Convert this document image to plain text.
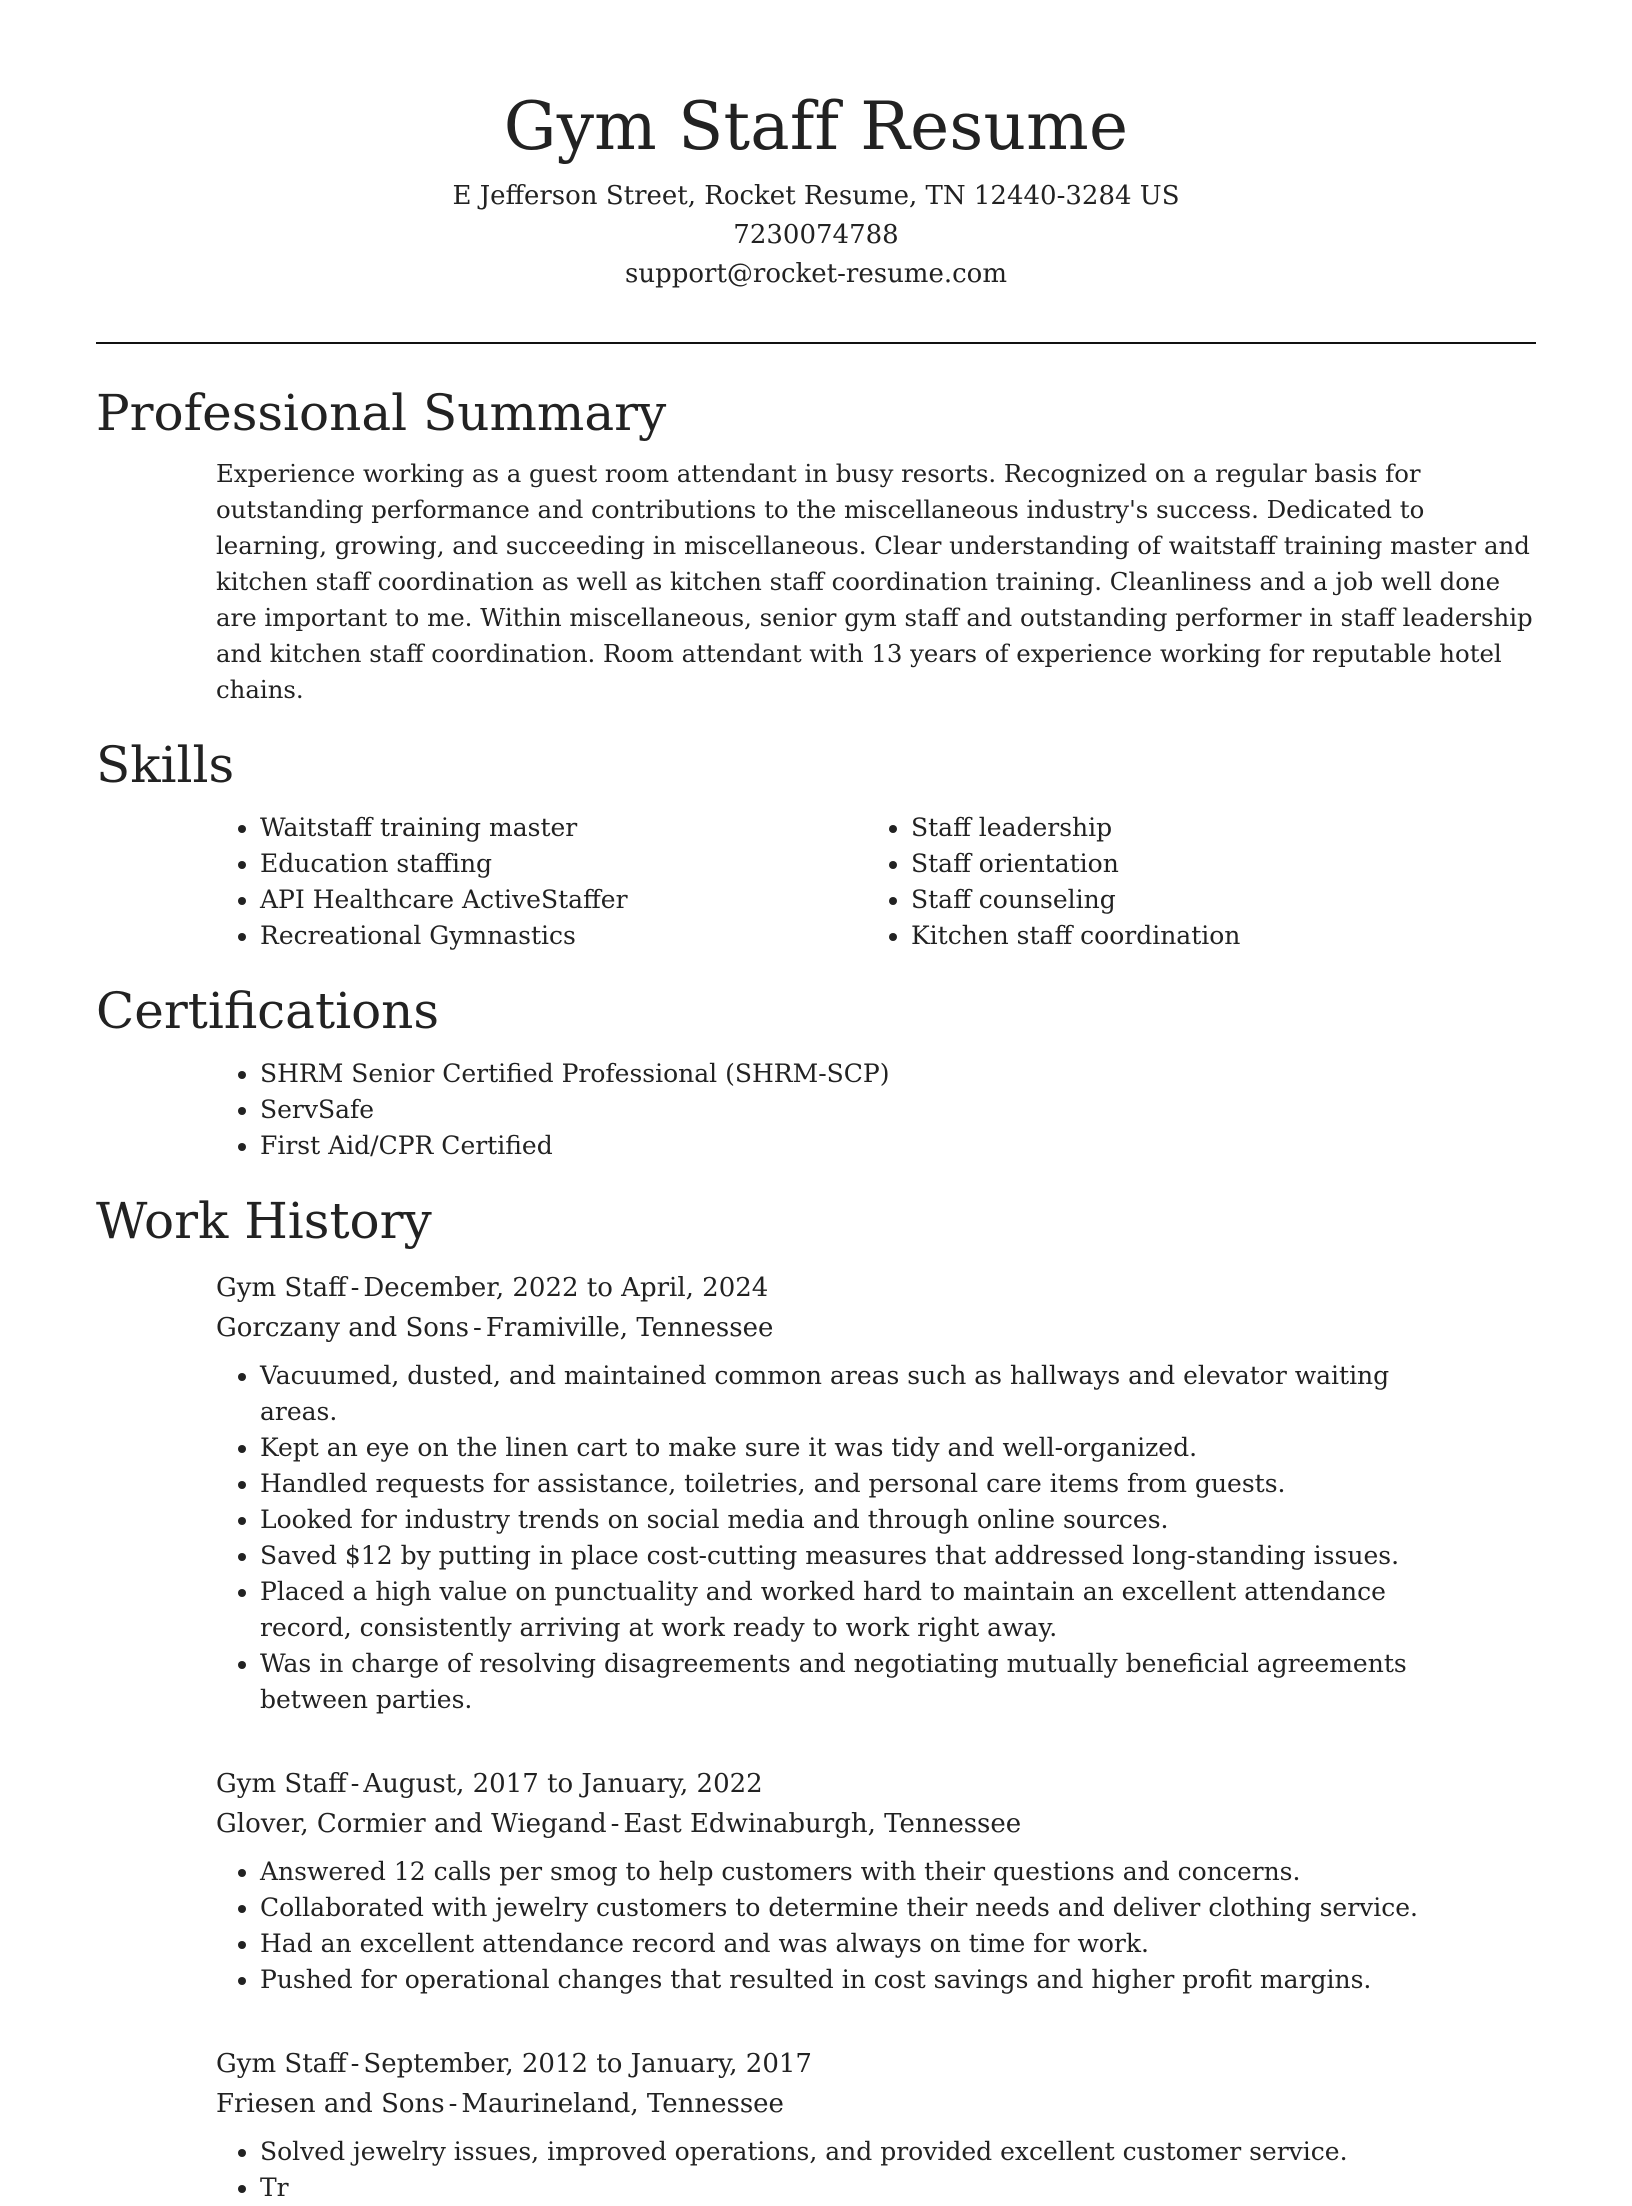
Gym Staff Resume

E Jefferson Street, Rocket Resume, TN 12440-3284 US

7230074788

support@rocket-resume.com

Professional Summary

Experience working as a guest room attendant in busy resorts. Recognized on a regular basis for outstanding performance and contributions to the miscellaneous industry's success. Dedicated to learning, growing, and succeeding in miscellaneous. Clear understanding of waitstaff training master and kitchen staff coordination as well as kitchen staff coordination training. Cleanliness and a job well done are important to me. Within miscellaneous, senior gym staff and outstanding performer in staff leadership and kitchen staff coordination. Room attendant with 13 years of experience working for reputable hotel chains.

Skills
• Waitstaff training master
• Education staffing
• API Healthcare ActiveStaffer
• Recreational Gymnastics
• Staff leadership
• Staff orientation
• Staff counseling
• Kitchen staff coordination
Certifications
• SHRM Senior Certified Professional (SHRM-SCP)
• ServSafe
• First Aid/CPR Certified
Work History

Gym Staff - December, 2022 to April, 2024

Gorczany and Sons - Framiville, Tennessee

• Vacuumed, dusted, and maintained common areas such as hallways and elevator waiting areas.
• Kept an eye on the linen cart to make sure it was tidy and well-organized.
• Handled requests for assistance, toiletries, and personal care items from guests.
• Looked for industry trends on social media and through online sources.
• Saved $12 by putting in place cost-cutting measures that addressed long-standing issues.
• Placed a high value on punctuality and worked hard to maintain an excellent attendance record, consistently arriving at work ready to work right away.
• Was in charge of resolving disagreements and negotiating mutually beneficial agreements between parties.

Gym Staff - August, 2017 to January, 2022

Glover, Cormier and Wiegand - East Edwinaburgh, Tennessee

• Answered 12 calls per smog to help customers with their questions and concerns.
• Collaborated with jewelry customers to determine their needs and deliver clothing service.
• Had an excellent attendance record and was always on time for work.
• Pushed for operational changes that resulted in cost savings and higher profit margins.

Gym Staff - September, 2012 to January, 2017

Friesen and Sons - Maurineland, Tennessee

• Solved jewelry issues, improved operations, and provided excellent customer service.
• Tr
